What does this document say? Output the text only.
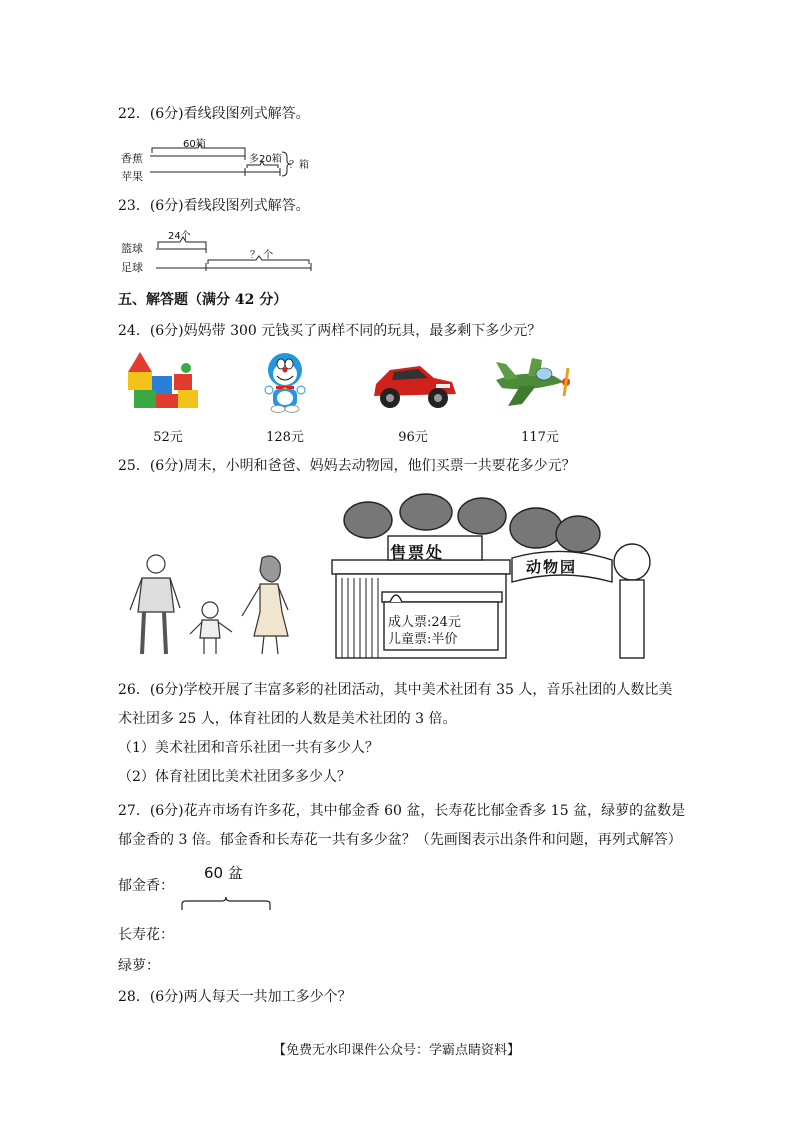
22．(6分)看线段图列式解答。
60箱
香蕉
苹果
多20箱
？箱
23．(6分)看线段图列式解答。
24个
篮球
足球
？ 个
五、解答题（满分 42 分）
24．(6分)妈妈带 300 元钱买了两样不同的玩具，最多剩下多少元？
52元	128元	96元	117元
25．(6分)周末，小明和爸爸、妈妈去动物园，他们买票一共要花多少元？
售票处
动物园
成人票:24元
儿童票:半价
26．(6分)学校开展了丰富多彩的社团活动，其中美术社团有 35 人，音乐社团的人数比美
术社团多 25 人，体育社团的人数是美术社团的 3 倍。
（1）美术社团和音乐社团一共有多少人？
（2）体育社团比美术社团多多少人？
27．(6分)花卉市场有许多花，其中郁金香 60 盆，长寿花比郁金香多 15 盆，绿萝的盆数是
郁金香的 3 倍。郁金香和长寿花一共有多少盆？（先画图表示出条件和问题，再列式解答）
60 盆
郁金香：
长寿花：
绿萝：
28．(6分)两人每天一共加工多少个？
【免费无水印课件公众号：学霸点睛资料】
